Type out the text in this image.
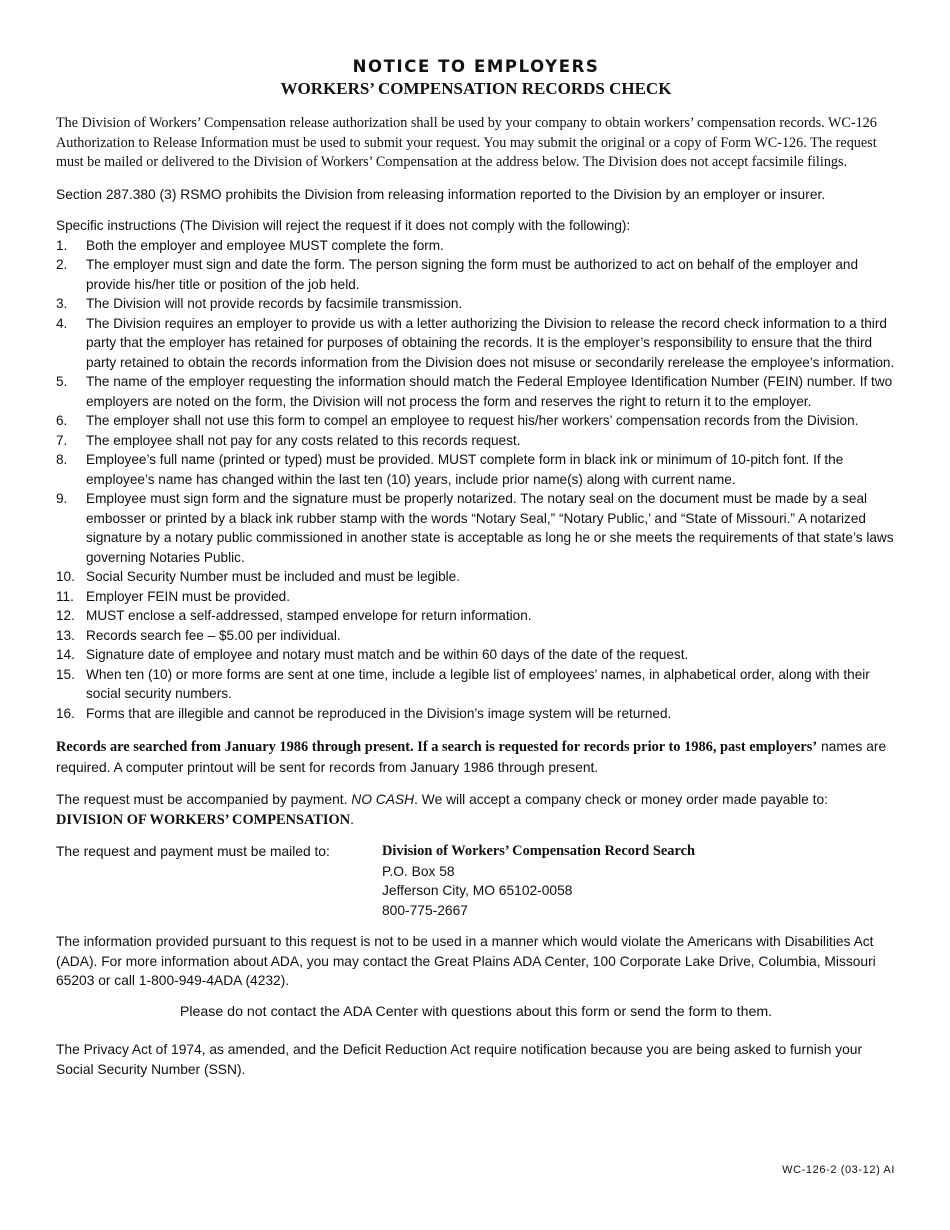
NOTICE TO EMPLOYERS
WORKERS’ COMPENSATION RECORDS CHECK

The Division of Workers’ Compensation release authorization shall be used by your company to obtain workers’ compensation records. WC-126 Authorization to Release Information must be used to submit your request. You may submit the original or a copy of Form WC-126. The request must be mailed or delivered to the Division of Workers’ Compensation at the address below. The Division does not accept facsimile filings.

Section 287.380 (3) RSMO prohibits the Division from releasing information reported to the Division by an employer or insurer.

Specific instructions (The Division will reject the request if it does not comply with the following):

1.	Both the employer and employee MUST complete the form.
2.	The employer must sign and date the form. The person signing the form must be authorized to act on behalf of the employer and provide his/her title or position of the job held.
3.	The Division will not provide records by facsimile transmission.
4.	The Division requires an employer to provide us with a letter authorizing the Division to release the record check information to a third party that the employer has retained for purposes of obtaining the records. It is the employer’s responsibility to ensure that the third party retained to obtain the records information from the Division does not misuse or secondarily rerelease the employee’s information.
5.	The name of the employer requesting the information should match the Federal Employee Identification Number (FEIN) number. If two employers are noted on the form, the Division will not process the form and reserves the right to return it to the employer.
6.	The employer shall not use this form to compel an employee to request his/her workers’ compensation records from the Division.
7.	The employee shall not pay for any costs related to this records request.
8.	Employee’s full name (printed or typed) must be provided. MUST complete form in black ink or minimum of 10-pitch font. If the employee’s name has changed within the last ten (10) years, include prior name(s) along with current name.
9.	Employee must sign form and the signature must be properly notarized. The notary seal on the document must be made by a seal embosser or printed by a black ink rubber stamp with the words “Notary Seal,” “Notary Public,’ and “State of Missouri.” A notarized signature by a notary public commissioned in another state is acceptable as long he or she meets the requirements of that state’s laws governing Notaries Public.
10. Social Security Number must be included and must be legible.
11. Employer FEIN must be provided.
12. MUST enclose a self-addressed, stamped envelope for return information.
13. Records search fee – $5.00 per individual.
14. Signature date of employee and notary must match and be within 60 days of the date of the request.
15. When ten (10) or more forms are sent at one time, include a legible list of employees’ names, in alphabetical order, along with their social security numbers.
16. Forms that are illegible and cannot be reproduced in the Division’s image system will be returned.

Records are searched from January 1986 through present. If a search is requested for records prior to 1986, past employers’ names are required. A computer printout will be sent for records from January 1986 through present.

The request must be accompanied by payment. NO CASH. We will accept a company check or money order made payable to:
DIVISION OF WORKERS’ COMPENSATION.

The request and payment must be mailed to:	Division of Workers’ Compensation Record Search
P.O. Box 58
Jefferson City, MO 65102-0058
800-775-2667

The information provided pursuant to this request is not to be used in a manner which would violate the Americans with Disabilities Act (ADA). For more information about ADA, you may contact the Great Plains ADA Center, 100 Corporate Lake Drive, Columbia, Missouri 65203 or call 1-800-949-4ADA (4232).

Please do not contact the ADA Center with questions about this form or send the form to them.

The Privacy Act of 1974, as amended, and the Deficit Reduction Act require notification because you are being asked to furnish your Social Security Number (SSN).

WC-126-2 (03-12) AI
